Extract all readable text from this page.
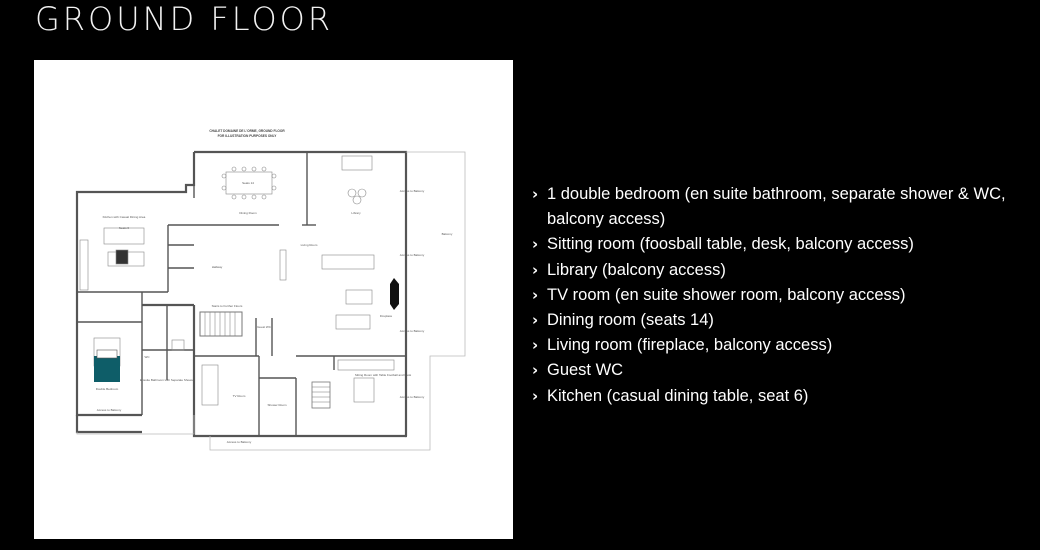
GROUND FLOOR
CHALET DOMAINE DE L'ORME, GROUND FLOOR
FOR ILLUSTRATION PURPOSES ONLY
Seats 14
Dining Room	Library
Kitchen with Casual Dining Area
Seats 6
Living Room
Hallway
Stairs to Further Floors
Guest WC
Fireplace
Balcony
Access to Balcony
Access to Balcony
Access to Balcony
Access to Balcony
Access to Balcony
Access to Balcony
Double Bedroom
WC
Ensuite Bathroom with Separate Shower
TV Room
Shower Room
Sitting Room with Table Football and Desk
› 1 double bedroom (en suite bathroom, separate shower & WC, balcony access)
› Sitting room (foosball table, desk, balcony access)
› Library (balcony access)
› TV room (en suite shower room, balcony access)
› Dining room (seats 14)
› Living room (fireplace, balcony access)
› Guest WC
› Kitchen (casual dining table, seat 6)
